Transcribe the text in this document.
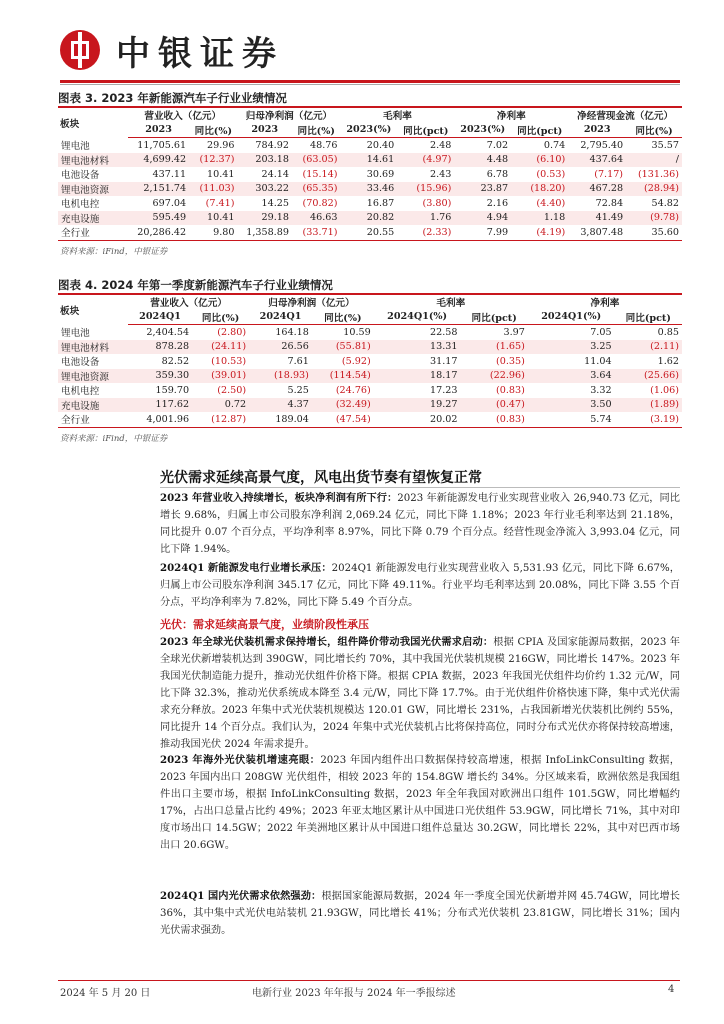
中银证券
图表 3. 2023 年新能源汽车子行业业绩情况
板块	营业收入（亿元）		归母净利润（亿元）		毛利率		净利率		净经营现金流（亿元）	
	2023	同比(%)	2023	同比(%)	2023(%)	同比(pct)	2023(%)	同比(pct)	2023	同比(%)
锂电池	11,705.61	29.96	784.92	48.76	20.40	2.48	7.02	0.74	2,795.40	35.57
锂电池材料	4,699.42	(12.37)	203.18	(63.05)	14.61	(4.97)	4.48	(6.10)	437.64	/
电池设备	437.11	10.41	24.14	(15.14)	30.69	2.43	6.78	(0.53)	(7.17)	(131.36)
锂电池资源	2,151.74	(11.03)	303.22	(65.35)	33.46	(15.96)	23.87	(18.20)	467.28	(28.94)
电机电控	697.04	(7.41)	14.25	(70.82)	16.87	(3.80)	2.16	(4.40)	72.84	54.82
充电设施	595.49	10.41	29.18	46.63	20.82	1.76	4.94	1.18	41.49	(9.78)
全行业	20,286.42	9.80	1,358.89	(33.71)	20.55	(2.33)	7.99	(4.19)	3,807.48	35.60
资料来源：iFind，中银证券
图表 4. 2024 年第一季度新能源汽车子行业业绩情况
板块	营业收入（亿元）		归母净利润（亿元）		毛利率		净利率	
	2024Q1	同比(%)	2024Q1	同比(%)	2024Q1(%)	同比(pct)	2024Q1(%)	同比(pct)
锂电池	2,404.54	(2.80)	164.18	10.59	22.58	3.97	7.05	0.85
锂电池材料	878.28	(24.11)	26.56	(55.81)	13.31	(1.65)	3.25	(2.11)
电池设备	82.52	(10.53)	7.61	(5.92)	31.17	(0.35)	11.04	1.62
锂电池资源	359.30	(39.01)	(18.93)	(114.54)	18.17	(22.96)	3.64	(25.66)
电机电控	159.70	(2.50)	5.25	(24.76)	17.23	(0.83)	3.32	(1.06)
充电设施	117.62	0.72	4.37	(32.49)	19.27	(0.47)	3.50	(1.89)
全行业	4,001.96	(12.87)	189.04	(47.54)	20.02	(0.83)	5.74	(3.19)
资料来源：iFind，中银证券
光伏需求延续高景气度，风电出货节奏有望恢复正常
2023 年营业收入持续增长，板块净利润有所下行：2023 年新能源发电行业实现营业收入 26,940.73 亿元，同比增长 9.68%，归属上市公司股东净利润 2,069.24 亿元，同比下降 1.18%；2023 年行业毛利率达到 21.18%，同比提升 0.07 个百分点，平均净利率 8.97%，同比下降 0.79 个百分点。经营性现金净流入 3,993.04 亿元，同比下降 1.94%。
2024Q1 新能源发电行业增长承压：2024Q1 新能源发电行业实现营业收入 5,531.93 亿元，同比下降 6.67%，归属上市公司股东净利润 345.17 亿元，同比下降 49.11%。行业平均毛利率达到 20.08%，同比下降 3.55 个百分点，平均净利率为 7.82%，同比下降 5.49 个百分点。
光伏：需求延续高景气度，业绩阶段性承压
2023 年全球光伏装机需求保持增长，组件降价带动我国光伏需求启动：根据 CPIA 及国家能源局数据，2023 年全球光伏新增装机达到 390GW，同比增长约 70%，其中我国光伏装机规模 216GW，同比增长 147%。2023 年我国光伏制造能力提升，推动光伏组件价格下降。根据 CPIA 数据，2023 年我国光伏组件均价约 1.32 元/W，同比下降 32.3%，推动光伏系统成本降至 3.4 元/W，同比下降 17.7%。由于光伏组件价格快速下降，集中式光伏需求充分释放。2023 年集中式光伏装机规模达 120.01 GW，同比增长 231%，占我国新增光伏装机比例约 55%，同比提升 14 个百分点。我们认为，2024 年集中式光伏装机占比将保持高位，同时分布式光伏亦将保持较高增速，推动我国光伏 2024 年需求提升。
2023 年海外光伏装机增速亮眼：2023 年国内组件出口数据保持较高增速，根据 InfoLinkConsulting 数据，2023 年国内出口 208GW 光伏组件，相较 2023 年的 154.8GW 增长约 34%。分区域来看，欧洲依然是我国组件出口主要市场，根据 InfoLinkConsulting 数据，2023 年全年我国对欧洲出口组件 101.5GW，同比增幅约 17%，占出口总量占比约 49%；2023 年亚太地区累计从中国进口光伏组件 53.9GW，同比增长 71%，其中对印度市场出口 14.5GW；2022 年美洲地区累计从中国进口组件总量达 30.2GW，同比增长 22%，其中对巴西市场出口 20.6GW。
2024Q1 国内光伏需求依然强劲：根据国家能源局数据，2024 年一季度全国光伏新增并网 45.74GW，同比增长 36%，其中集中式光伏电站装机 21.93GW，同比增长 41%；分布式光伏装机 23.81GW，同比增长 31%；国内光伏需求强劲。
2024 年 5 月 20 日	电新行业 2023 年年报与 2024 年一季报综述	4
